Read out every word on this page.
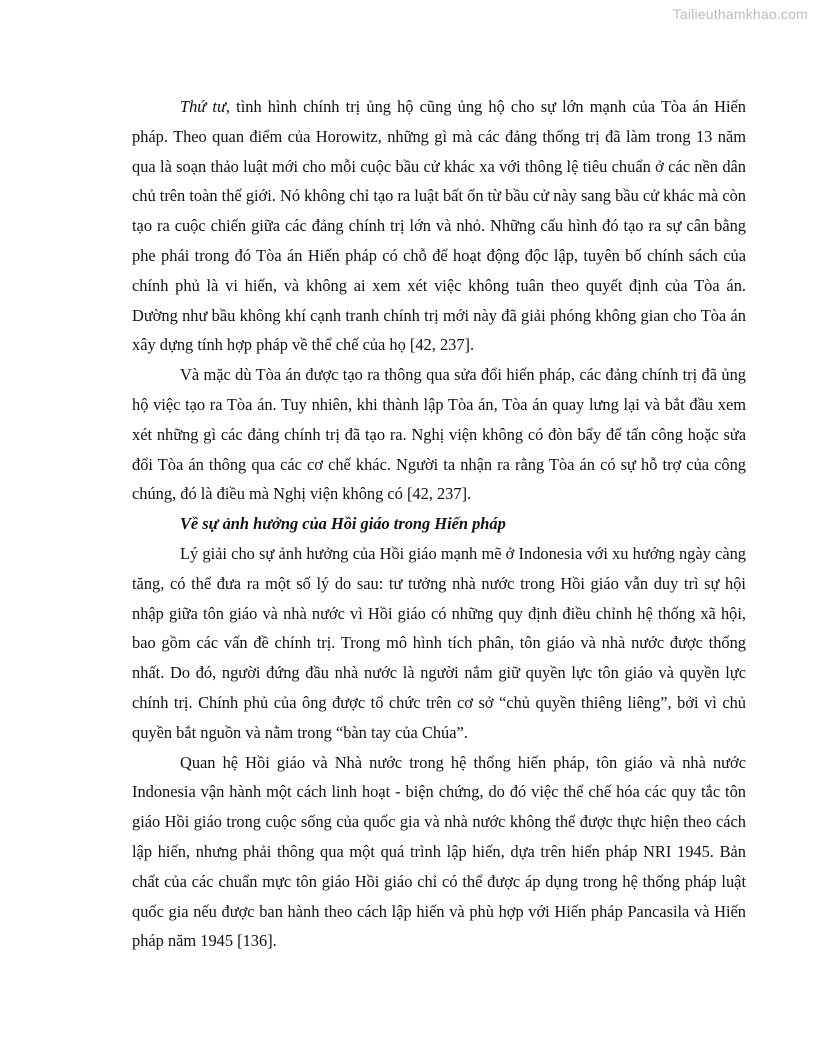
Tailieuthamkhao.com

Thứ tư, tình hình chính trị ủng hộ cũng ủng hộ cho sự lớn mạnh của Tòa án Hiến pháp. Theo quan điểm của Horowitz, những gì mà các đảng thống trị đã làm trong 13 năm qua là soạn thảo luật mới cho mỗi cuộc bầu cử khác xa với thông lệ tiêu chuẩn ở các nền dân chủ trên toàn thế giới. Nó không chỉ tạo ra luật bất ổn từ bầu cử này sang bầu cử khác mà còn tạo ra cuộc chiến giữa các đảng chính trị lớn và nhỏ. Những cấu hình đó tạo ra sự cân bằng phe phái trong đó Tòa án Hiến pháp có chỗ để hoạt động độc lập, tuyên bố chính sách của chính phủ là vi hiến, và không ai xem xét việc không tuân theo quyết định của Tòa án. Dường như bầu không khí cạnh tranh chính trị mới này đã giải phóng không gian cho Tòa án xây dựng tính hợp pháp về thể chế của họ [42, 237].

Và mặc dù Tòa án được tạo ra thông qua sửa đổi hiến pháp, các đảng chính trị đã ủng hộ việc tạo ra Tòa án. Tuy nhiên, khi thành lập Tòa án, Tòa án quay lưng lại và bắt đầu xem xét những gì các đảng chính trị đã tạo ra. Nghị viện không có đòn bẩy để tấn công hoặc sửa đổi Tòa án thông qua các cơ chế khác. Người ta nhận ra rằng Tòa án có sự hỗ trợ của công chúng, đó là điều mà Nghị viện không có [42, 237].

Về sự ảnh hưởng của Hồi giáo trong Hiến pháp

Lý giải cho sự ảnh hưởng của Hồi giáo mạnh mẽ ở Indonesia với xu hướng ngày càng tăng, có thể đưa ra một số lý do sau: tư tưởng nhà nước trong Hồi giáo vẫn duy trì sự hội nhập giữa tôn giáo và nhà nước vì Hồi giáo có những quy định điều chỉnh hệ thống xã hội, bao gồm các vấn đề chính trị. Trong mô hình tích phân, tôn giáo và nhà nước được thống nhất. Do đó, người đứng đầu nhà nước là người nắm giữ quyền lực tôn giáo và quyền lực chính trị. Chính phủ của ông được tổ chức trên cơ sở “chủ quyền thiêng liêng”, bởi vì chủ quyền bắt nguồn và nằm trong “bàn tay của Chúa”.

Quan hệ Hồi giáo và Nhà nước trong hệ thống hiến pháp, tôn giáo và nhà nước Indonesia vận hành một cách linh hoạt - biện chứng, do đó việc thể chế hóa các quy tắc tôn giáo Hồi giáo trong cuộc sống của quốc gia và nhà nước không thể được thực hiện theo cách lập hiến, nhưng phải thông qua một quá trình lập hiến, dựa trên hiến pháp NRI 1945. Bản chất của các chuẩn mực tôn giáo Hồi giáo chỉ có thể được áp dụng trong hệ thống pháp luật quốc gia nếu được ban hành theo cách lập hiến và phù hợp với Hiến pháp Pancasila và Hiến pháp năm 1945 [136].
